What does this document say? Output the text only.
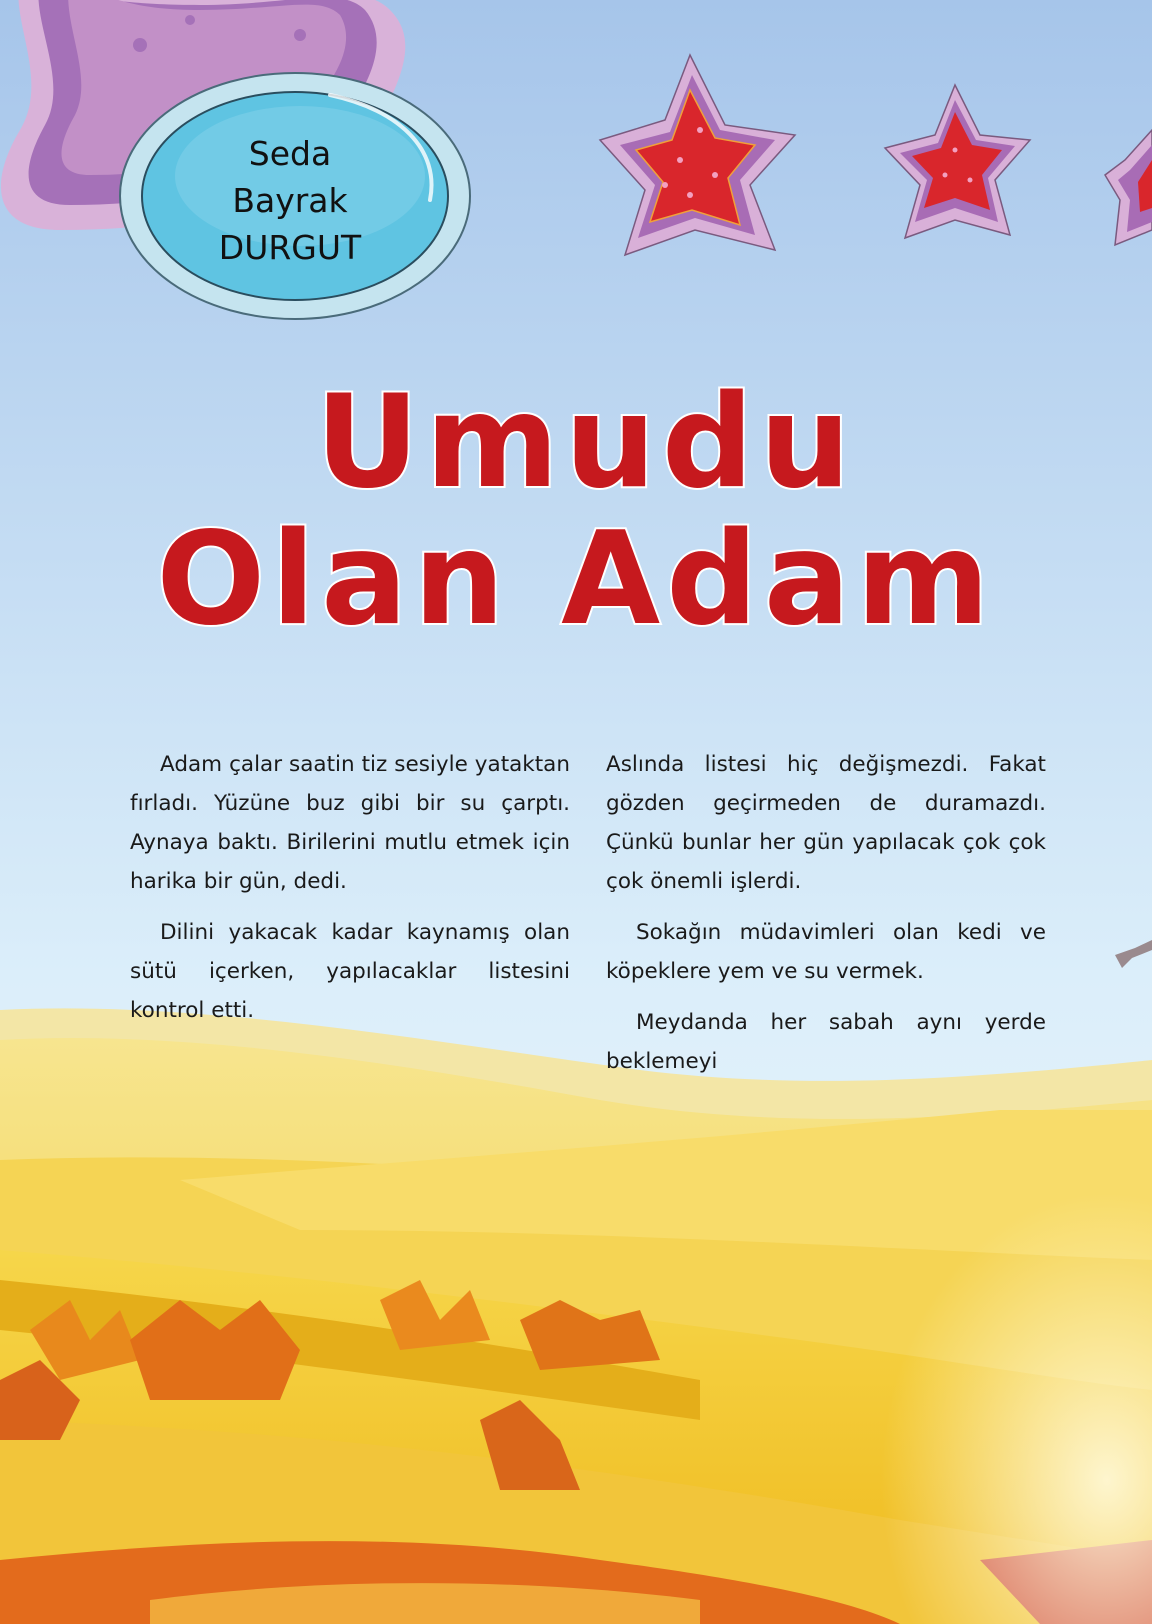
Seda
Bayrak
DURGUT
Umudu
Olan Adam

Adam çalar saatin tiz sesiyle yataktan fırladı. Yüzüne buz gibi bir su çarptı. Aynaya baktı. Birilerini mutlu etmek için harika bir gün, dedi.

Dilini yakacak kadar kaynamış olan sütü içerken, yapılacaklar listesini kontrol etti.

Aslında listesi hiç değişmezdi. Fakat gözden geçirmeden de duramazdı. Çünkü bunlar her gün yapılacak çok çok çok önemli işlerdi.

Sokağın müdavimleri olan kedi ve köpeklere yem ve su vermek.

Meydanda her sabah aynı yerde beklemeyi
